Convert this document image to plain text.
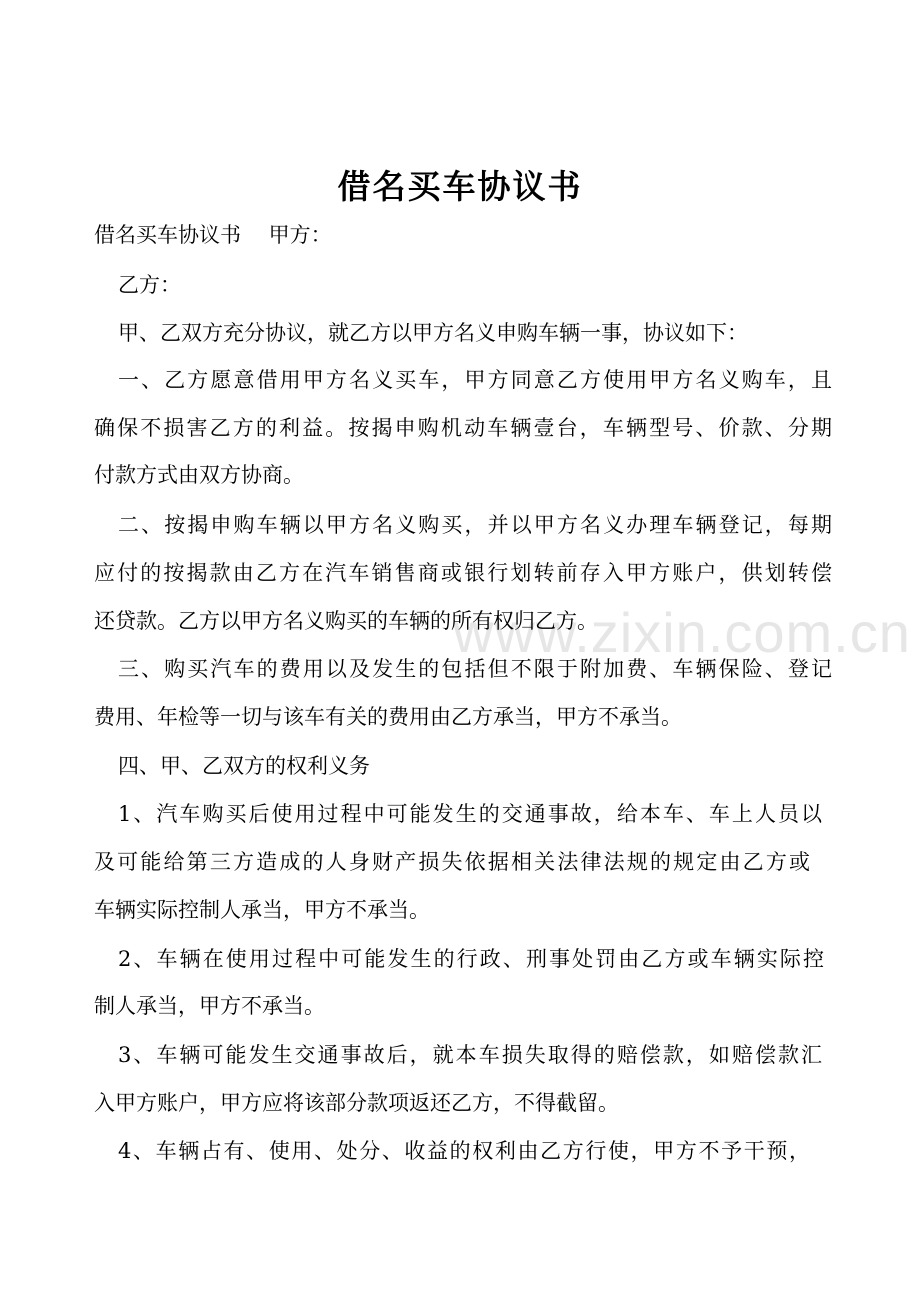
www.zixin.com.cn
借名买车协议书
借名买车协议书 　甲方：
乙方：
甲、乙双方充分协议，就乙方以甲方名义申购车辆一事，协议如下：
一、乙方愿意借用甲方名义买车，甲方同意乙方使用甲方名义购车，且
确保不损害乙方的利益。按揭申购机动车辆壹台，车辆型号、价款、分期
付款方式由双方协商。
二、按揭申购车辆以甲方名义购买，并以甲方名义办理车辆登记，每期
应付的按揭款由乙方在汽车销售商或银行划转前存入甲方账户，供划转偿
还贷款。乙方以甲方名义购买的车辆的所有权归乙方。
三、购买汽车的费用以及发生的包括但不限于附加费、车辆保险、登记
费用、年检等一切与该车有关的费用由乙方承当，甲方不承当。
四、甲、乙双方的权利义务
1、汽车购买后使用过程中可能发生的交通事故，给本车、车上人员以
及可能给第三方造成的人身财产损失依据相关法律法规的规定由乙方或
车辆实际控制人承当，甲方不承当。
2、车辆在使用过程中可能发生的行政、刑事处罚由乙方或车辆实际控
制人承当，甲方不承当。
3、车辆可能发生交通事故后，就本车损失取得的赔偿款，如赔偿款汇
入甲方账户，甲方应将该部分款项返还乙方，不得截留。
4、车辆占有、使用、处分、收益的权利由乙方行使，甲方不予干预，
